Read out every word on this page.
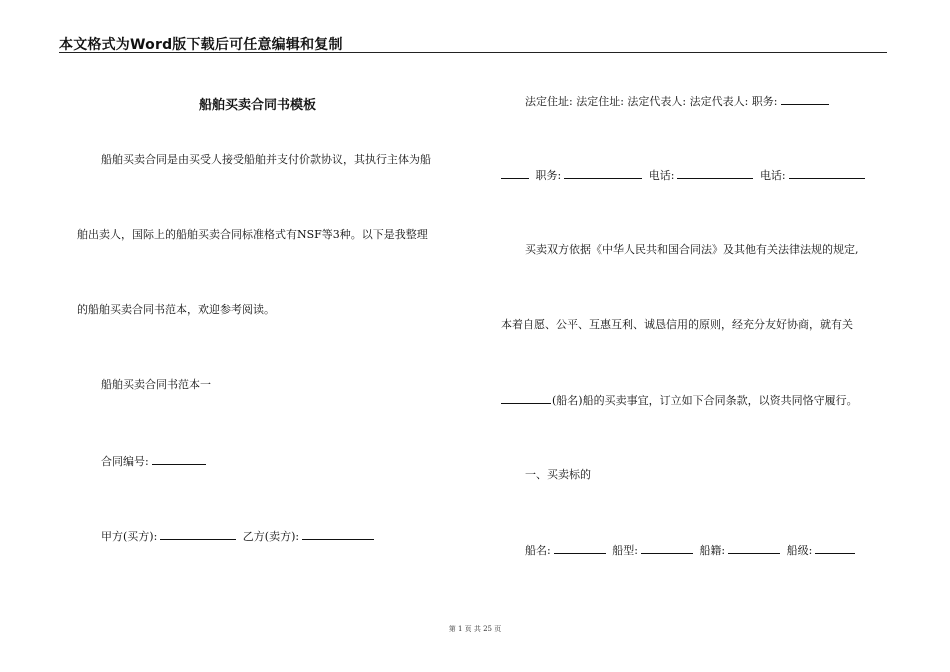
本文格式为Word版下载后可任意编辑和复制
船舶买卖合同书模板
船舶买卖合同是由买受人接受船舶并支付价款协议，其执行主体为船
舶出卖人，国际上的船舶买卖合同标准格式有NSF等3种。以下是我整理
的船舶买卖合同书范本，欢迎参考阅读。
船舶买卖合同书范本一
合同编号:
甲方(买方):	乙方(卖方):
法定住址: 法定住址: 法定代表人: 法定代表人: 职务:
职务:	电话:	电话:
买卖双方依据《中华人民共和国合同法》及其他有关法律法规的规定,
本着自愿、公平、互惠互利、诚恳信用的原则，经充分友好协商，就有关
(船名)船的买卖事宜，订立如下合同条款，以资共同恪守履行。
一、买卖标的
船名:	船型:	船籍:	船级:
第 1 页 共 25 页
